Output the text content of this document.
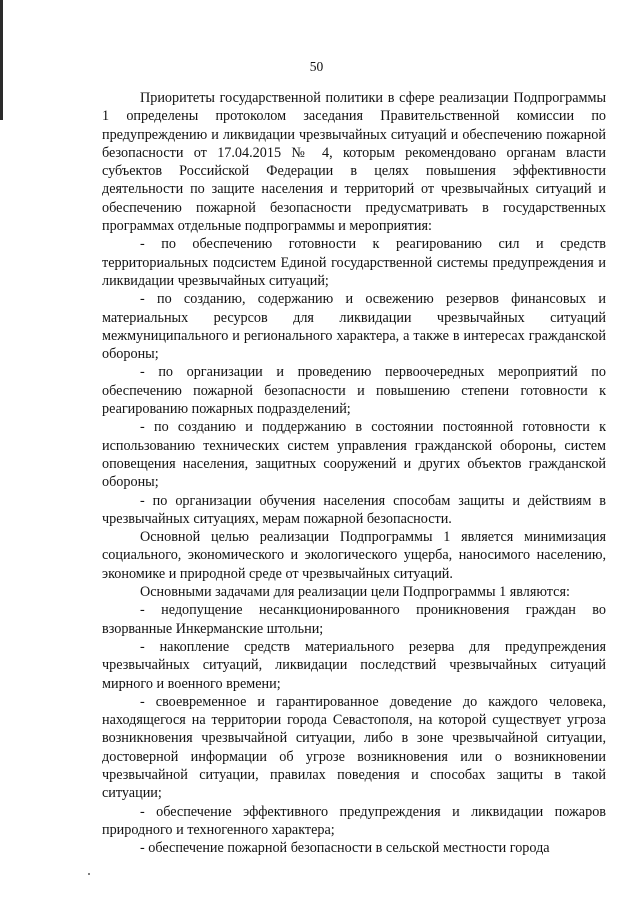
50

Приоритеты государственной политики в сфере реализации Подпрограммы 1 определены протоколом заседания Правительственной комиссии по предупреждению и ликвидации чрезвычайных ситуаций и обеспечению пожарной безопасности от 17.04.2015 № 4, которым рекомендовано органам власти субъектов Российской Федерации в целях повышения эффективности деятельности по защите населения и территорий от чрезвычайных ситуаций и обеспечению пожарной безопасности предусматривать в государственных программах отдельные подпрограммы и мероприятия:

- по обеспечению готовности к реагированию сил и средств территориальных подсистем Единой государственной системы предупреждения и ликвидации чрезвычайных ситуаций;

- по созданию, содержанию и освежению резервов финансовых и материальных ресурсов для ликвидации чрезвычайных ситуаций межмуниципального и регионального характера, а также в интересах гражданской обороны;

- по организации и проведению первоочередных мероприятий по обеспечению пожарной безопасности и повышению степени готовности к реагированию пожарных подразделений;

- по созданию и поддержанию в состоянии постоянной готовности к использованию технических систем управления гражданской обороны, систем оповещения населения, защитных сооружений и других объектов гражданской обороны;

- по организации обучения населения способам защиты и действиям в чрезвычайных ситуациях, мерам пожарной безопасности.

Основной целью реализации Подпрограммы 1 является минимизация социального, экономического и экологического ущерба, наносимого населению, экономике и природной среде от чрезвычайных ситуаций.

Основными задачами для реализации цели Подпрограммы 1 являются:

- недопущение несанкционированного проникновения граждан во взорванные Инкерманские штольни;

- накопление средств материального резерва для предупреждения чрезвычайных ситуаций, ликвидации последствий чрезвычайных ситуаций мирного и военного времени;

- своевременное и гарантированное доведение до каждого человека, находящегося на территории города Севастополя, на которой существует угроза возникновения чрезвычайной ситуации, либо в зоне чрезвычайной ситуации, достоверной информации об угрозе возникновения или о возникновении чрезвычайной ситуации, правилах поведения и способах защиты в такой ситуации;

- обеспечение эффективного предупреждения и ликвидации пожаров природного и техногенного характера;

- обеспечение пожарной безопасности в сельской местности города
